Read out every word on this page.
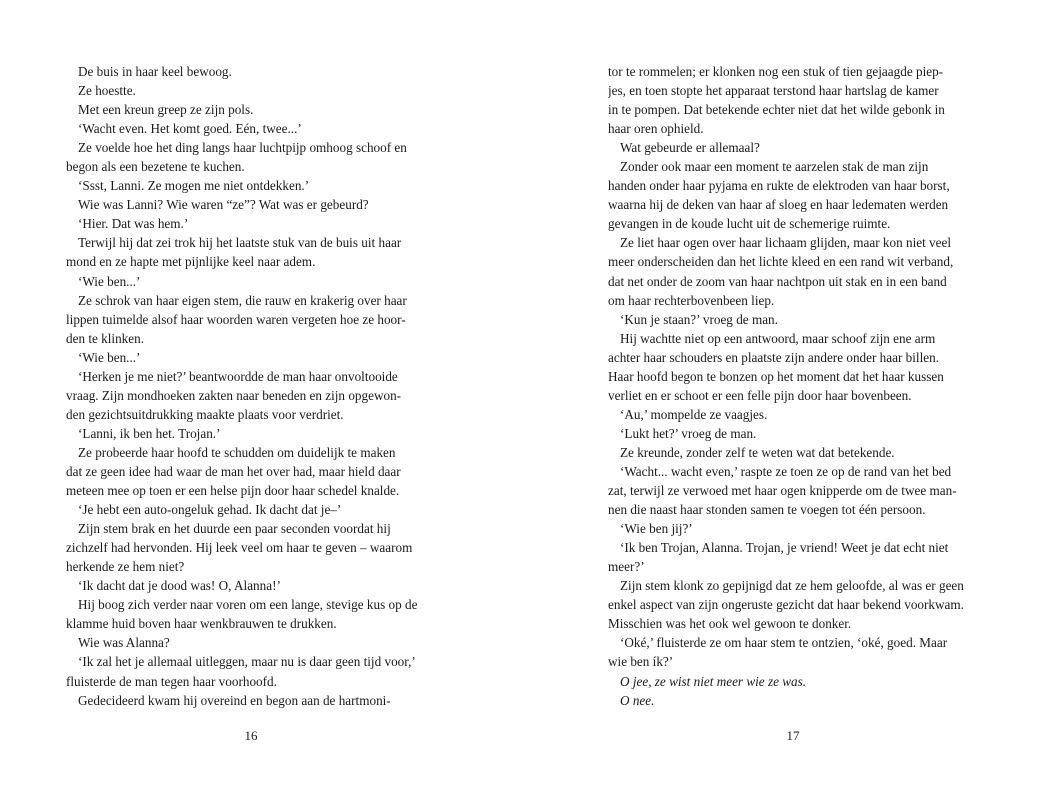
De buis in haar keel bewoog.

Ze hoestte.

Met een kreun greep ze zijn pols.

‘Wacht even. Het komt goed. Eén, twee...’

Ze voelde hoe het ding langs haar luchtpijp omhoog schoof en

begon als een bezetene te kuchen.

‘Ssst, Lanni. Ze mogen me niet ontdekken.’

Wie was Lanni? Wie waren “ze”? Wat was er gebeurd?

‘Hier. Dat was hem.’

Terwijl hij dat zei trok hij het laatste stuk van de buis uit haar

mond en ze hapte met pijnlijke keel naar adem.

‘Wie ben...’

Ze schrok van haar eigen stem, die rauw en krakerig over haar

lippen tuimelde alsof haar woorden waren vergeten hoe ze hoor-

den te klinken.

‘Wie ben...’

‘Herken je me niet?’ beantwoordde de man haar onvoltooide

vraag. Zijn mondhoeken zakten naar beneden en zijn opgewon-

den gezichtsuitdrukking maakte plaats voor verdriet.

‘Lanni, ik ben het. Trojan.’

Ze probeerde haar hoofd te schudden om duidelijk te maken

dat ze geen idee had waar de man het over had, maar hield daar

meteen mee op toen er een helse pijn door haar schedel knalde.

‘Je hebt een auto-ongeluk gehad. Ik dacht dat je–’

Zijn stem brak en het duurde een paar seconden voordat hij

zichzelf had hervonden. Hij leek veel om haar te geven – waarom

herkende ze hem niet?

‘Ik dacht dat je dood was! O, Alanna!’

Hij boog zich verder naar voren om een lange, stevige kus op de

klamme huid boven haar wenkbrauwen te drukken.

Wie was Alanna?

‘Ik zal het je allemaal uitleggen, maar nu is daar geen tijd voor,’

fluisterde de man tegen haar voorhoofd.

Gedecideerd kwam hij overeind en begon aan de hartmoni-

tor te rommelen; er klonken nog een stuk of tien gejaagde piep-

jes, en toen stopte het apparaat terstond haar hartslag de kamer

in te pompen. Dat betekende echter niet dat het wilde gebonk in

haar oren ophield.

Wat gebeurde er allemaal?

Zonder ook maar een moment te aarzelen stak de man zijn

handen onder haar pyjama en rukte de elektroden van haar borst,

waarna hij de deken van haar af sloeg en haar ledematen werden

gevangen in de koude lucht uit de schemerige ruimte.

Ze liet haar ogen over haar lichaam glijden, maar kon niet veel

meer onderscheiden dan het lichte kleed en een rand wit verband,

dat net onder de zoom van haar nachtpon uit stak en in een band

om haar rechterbovenbeen liep.

‘Kun je staan?’ vroeg de man.

Hij wachtte niet op een antwoord, maar schoof zijn ene arm

achter haar schouders en plaatste zijn andere onder haar billen.

Haar hoofd begon te bonzen op het moment dat het haar kussen

verliet en er schoot er een felle pijn door haar bovenbeen.

‘Au,’ mompelde ze vaagjes.

‘Lukt het?’ vroeg de man.

Ze kreunde, zonder zelf te weten wat dat betekende.

‘Wacht... wacht even,’ raspte ze toen ze op de rand van het bed

zat, terwijl ze verwoed met haar ogen knipperde om de twee man-

nen die naast haar stonden samen te voegen tot één persoon.

‘Wie ben jij?’

‘Ik ben Trojan, Alanna. Trojan, je vriend! Weet je dat echt niet

meer?’

Zijn stem klonk zo gepijnigd dat ze hem geloofde, al was er geen

enkel aspect van zijn ongeruste gezicht dat haar bekend voorkwam.

Misschien was het ook wel gewoon te donker.

‘Oké,’ fluisterde ze om haar stem te ontzien, ‘oké, goed. Maar

wie ben ík?’

O jee, ze wist niet meer wie ze was.

O nee.

16	17
